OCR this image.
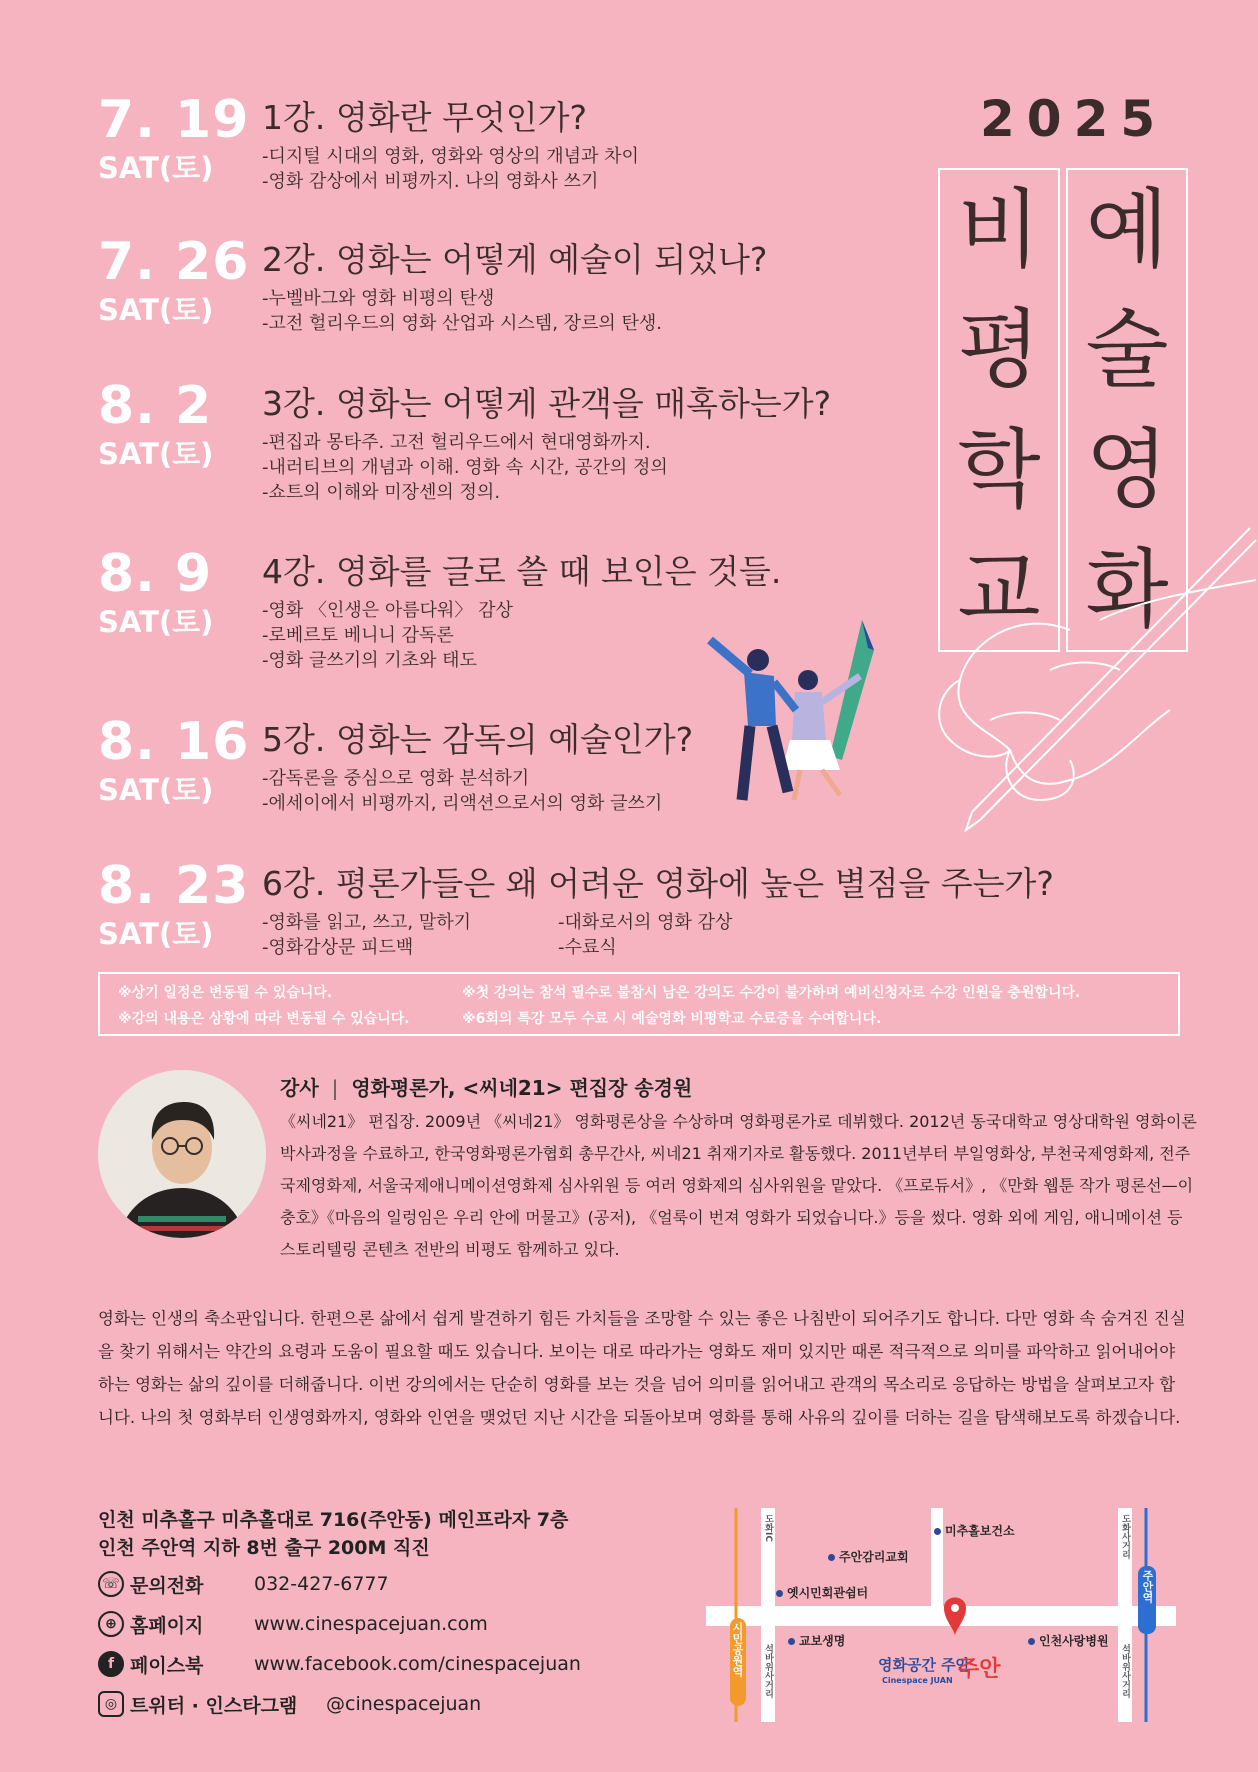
2025
비
평
학
교
예
술
영
화
7. 19
SAT(토)
1강. 영화란 무엇인가?
-디지털 시대의 영화, 영화와 영상의 개념과 차이
-영화 감상에서 비평까지. 나의 영화사 쓰기
7. 26
SAT(토)
2강. 영화는 어떻게 예술이 되었나?
-누벨바그와 영화 비평의 탄생
-고전 헐리우드의 영화 산업과 시스템, 장르의 탄생.
8. 2
SAT(토)
3강. 영화는 어떻게 관객을 매혹하는가?
-편집과 몽타주. 고전 헐리우드에서 현대영화까지.
-내러티브의 개념과 이해. 영화 속 시간, 공간의 정의
-쇼트의 이해와 미장센의 정의.
8. 9
SAT(토)
4강. 영화를 글로 쓸 때 보인은 것들.
-영화 〈인생은 아름다워〉 감상
-로베르토 베니니 감독론
-영화 글쓰기의 기초와 태도
8. 16
SAT(토)
5강. 영화는 감독의 예술인가?
-감독론을 중심으로 영화 분석하기
-에세이에서 비평까지, 리액션으로서의 영화 글쓰기
8. 23
SAT(토)
6강. 평론가들은 왜 어려운 영화에 높은 별점을 주는가?
-영화를 읽고, 쓰고, 말하기
-영화감상문 피드백
-대화로서의 영화 감상
-수료식
※상기 일정은 변동될 수 있습니다.
※강의 내용은 상황에 따라 변동될 수 있습니다.
※첫 강의는 참석 필수로 불참시 남은 강의도 수강이 불가하며 예비신청자로 수강 인원을 충원합니다.
※6회의 특강 모두 수료 시 예술영화 비평학교 수료증을 수여합니다.
강사 | 영화평론가, <씨네21> 편집장 송경원
《씨네21》 편집장. 2009년 《씨네21》 영화평론상을 수상하며 영화평론가로 데뷔했다. 2012년 동국대학교 영상대학원 영화이론 박사과정을 수료하고, 한국영화평론가협회 총무간사, 씨네21 취재기자로 활동했다. 2011년부터 부일영화상, 부천국제영화제, 전주국제영화제, 서울국제애니메이션영화제 심사위원 등 여러 영화제의 심사위원을 맡았다. 《프로듀서》, 《만화 웹툰 작가 평론선—이충호》《마음의 일렁임은 우리 안에 머물고》(공저), 《얼룩이 번져 영화가 되었습니다.》등을 썼다. 영화 외에 게임, 애니메이션 등 스토리텔링 콘텐츠 전반의 비평도 함께하고 있다.
영화는 인생의 축소판입니다. 한편으론 삶에서 쉽게 발견하기 힘든 가치들을 조망할 수 있는 좋은 나침반이 되어주기도 합니다. 다만 영화 속 숨겨진 진실을 찾기 위해서는 약간의 요령과 도움이 필요할 때도 있습니다. 보이는 대로 따라가는 영화도 재미 있지만 때론 적극적으로 의미를 파악하고 읽어내어야 하는 영화는 삶의 깊이를 더해줍니다. 이번 강의에서는 단순히 영화를 보는 것을 넘어 의미를 읽어내고 관객의 목소리로 응답하는 방법을 살펴보고자 합니다. 나의 첫 영화부터 인생영화까지, 영화와 인연을 맺었던 지난 시간을 되돌아보며 영화를 통해 사유의 깊이를 더하는 길을 탐색해보도록 하겠습니다.
인천 미추홀구 미추홀대로 716(주안동) 메인프라자 7층
인천 주안역 지하 8번 출구 200M 직진
☏ 문의전화	032-427-6777
⊕ 홈페이지	www.cinespacejuan.com
f 페이스북	www.facebook.com/cinespacejuan
◎ 트위터 · 인스타그램	@cinespacejuan
시민공원역
주안역
도화IC
석바위사거리
도화사거리
석바위사거리
미추홀보건소
주안감리교회
옛시민회관쉼터
교보생명	인천사랑병원
영화공간 주안
Cinespace JUAN 주안
